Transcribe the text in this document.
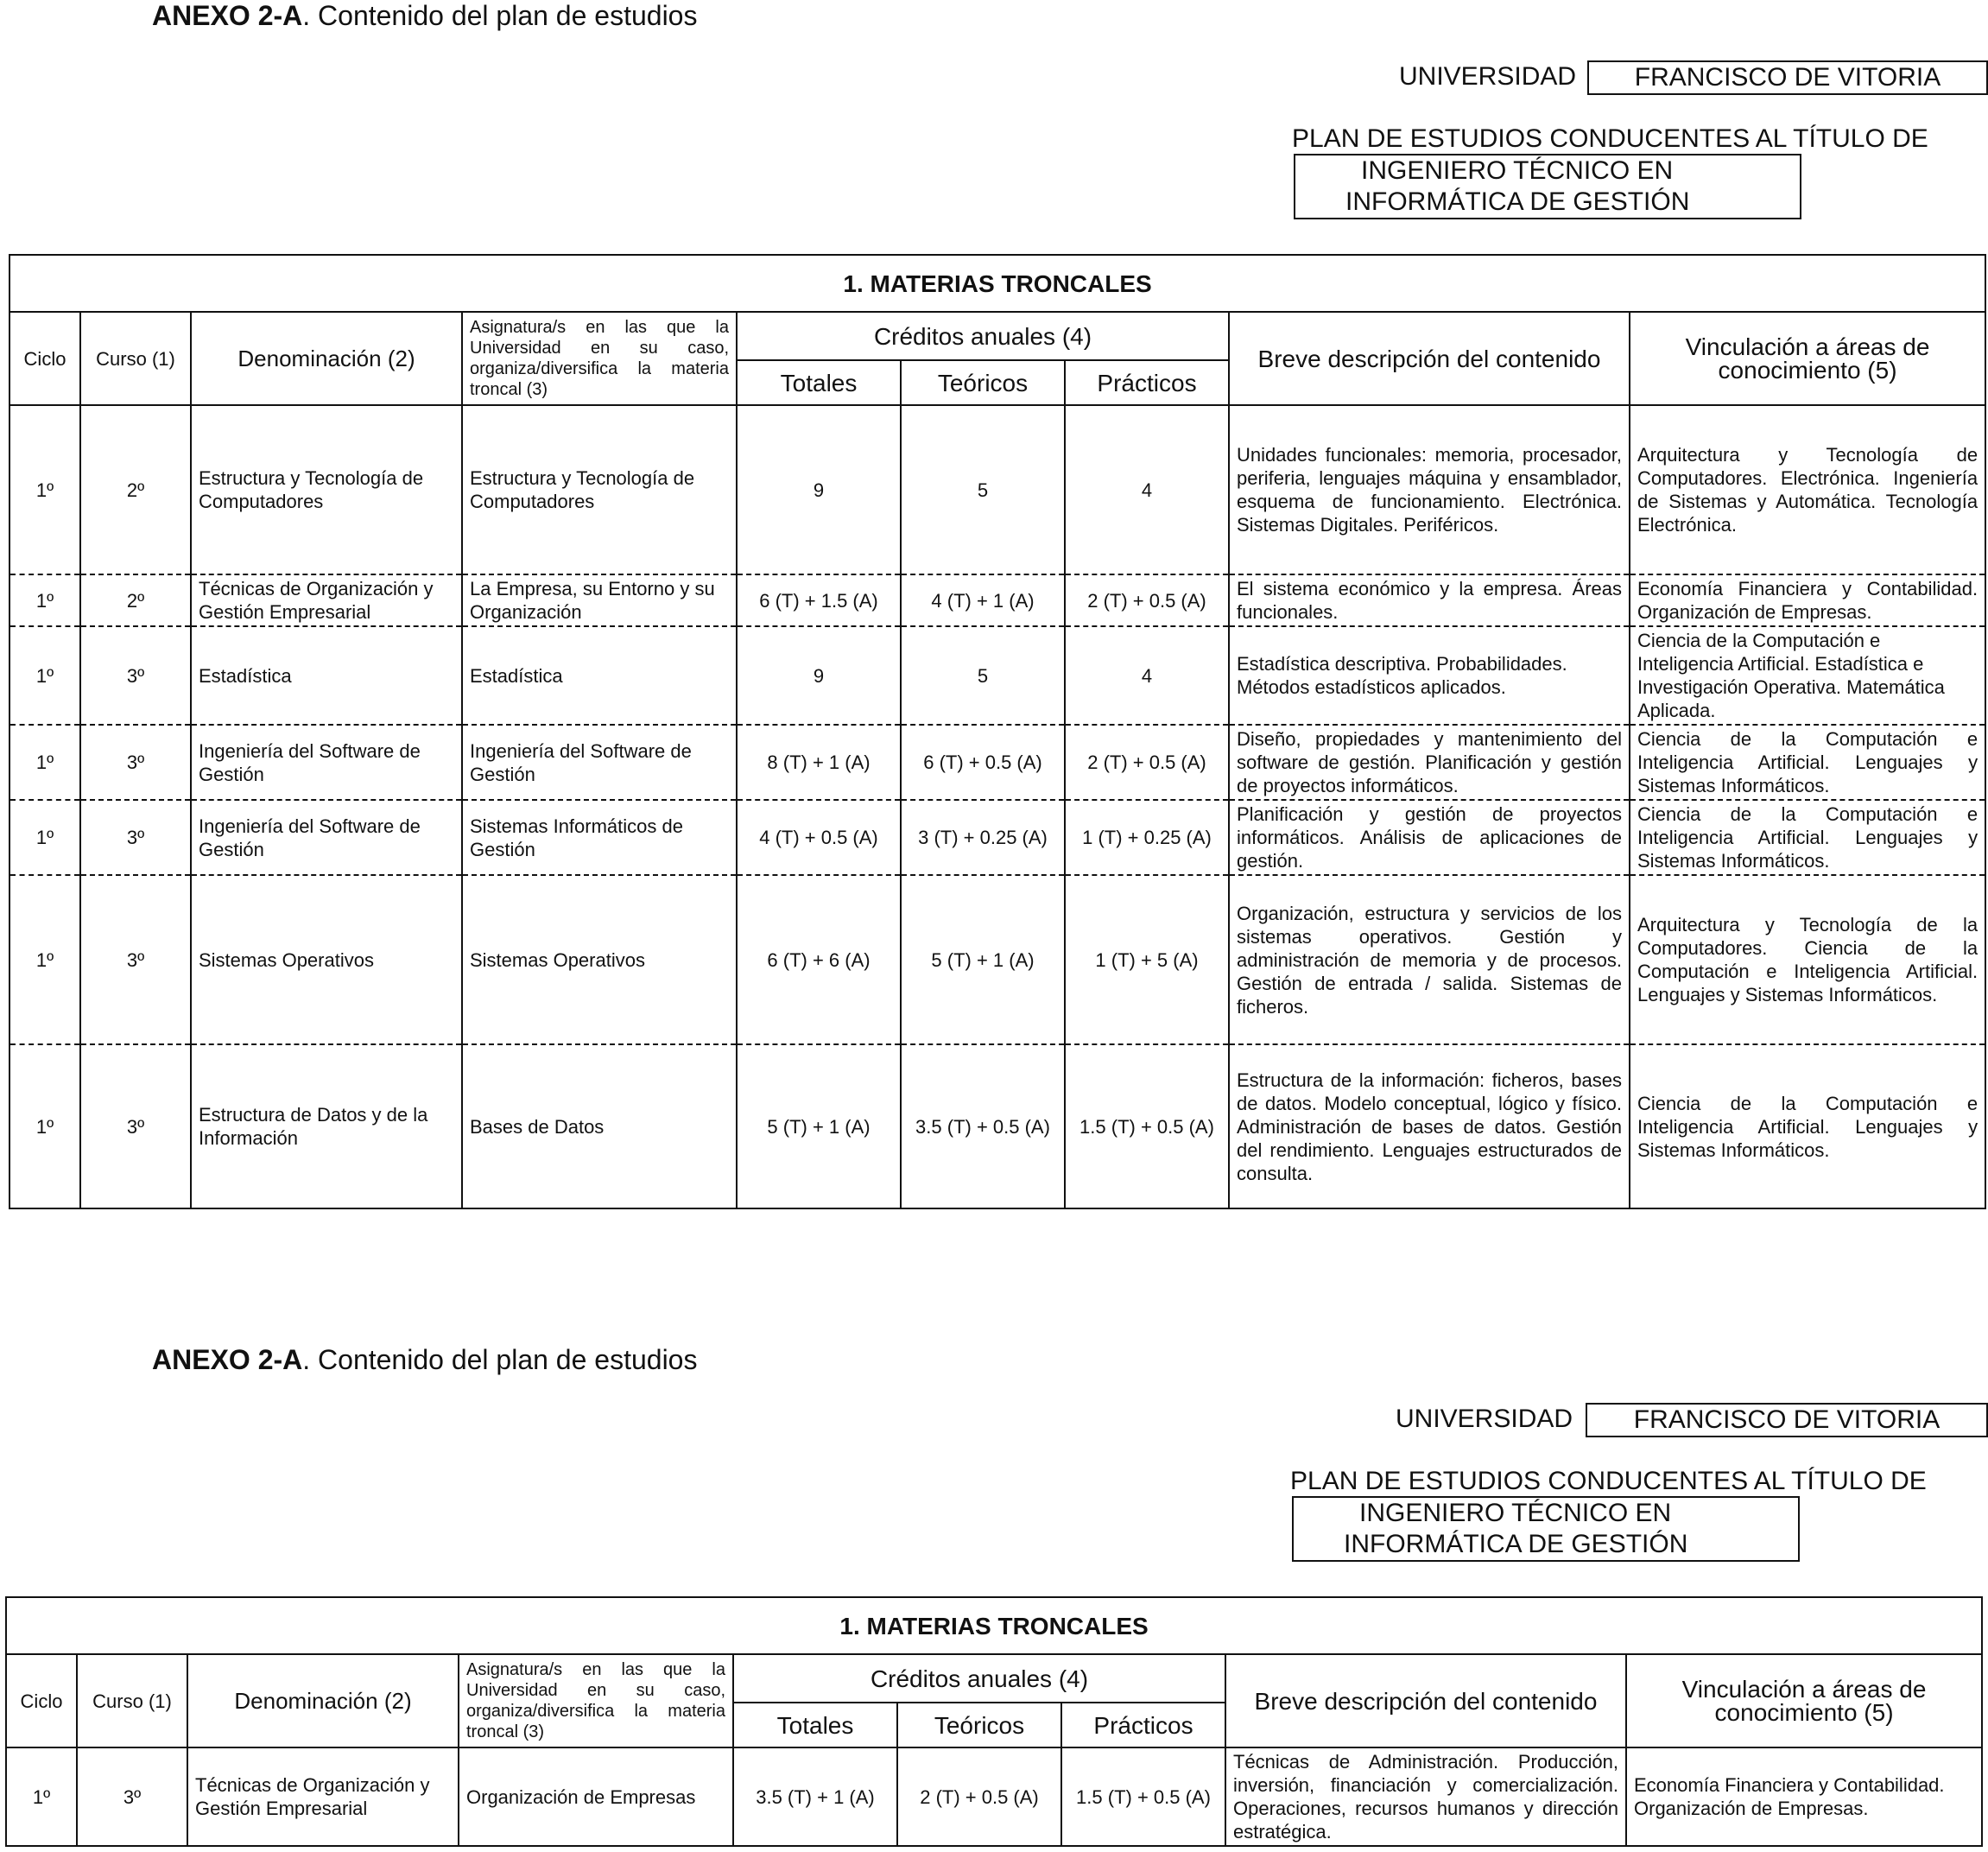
ANEXO 2-A. Contenido del plan de estudios
UNIVERSIDAD	FRANCISCO DE VITORIA
PLAN DE ESTUDIOS CONDUCENTES AL TÍTULO DE
INGENIERO TÉCNICO EN
INFORMÁTICA DE GESTIÓN
1. MATERIAS TRONCALES								
Ciclo	Curso (1)	Denominación (2)	Asignatura/s en las que la Universidad en su caso, organiza/diversifica la materia troncal (3)	Créditos anuales (4)			Breve descripción del contenido	Vinculación a áreas de conocimiento (5)
				Totales	Teóricos	Prácticos		
1º	2º	Estructura y Tecnología de Computadores	Estructura y Tecnología de Computadores	9	5	4	Unidades funcionales: memoria, procesador, periferia, lenguajes máquina y ensamblador, esquema de funcionamiento. Electrónica. Sistemas Digitales. Periféricos.	Arquitectura y Tecnología de Computadores. Electrónica. Ingeniería de Sistemas y Automática. Tecnología Electrónica.
1º	2º	Técnicas de Organización y Gestión Empresarial	La Empresa, su Entorno y su Organización	6 (T) + 1.5 (A)	4 (T) + 1 (A)	2 (T) + 0.5 (A)	El sistema económico y la empresa. Áreas funcionales.	Economía Financiera y Contabilidad. Organización de Empresas.
1º	3º	Estadística	Estadística	9	5	4	Estadística descriptiva. Probabilidades. Métodos estadísticos aplicados.	Ciencia de la Computación e Inteligencia Artificial. Estadística e Investigación Operativa. Matemática Aplicada.
1º	3º	Ingeniería del Software de Gestión	Ingeniería del Software de Gestión	8 (T) + 1 (A)	6 (T) + 0.5 (A)	2 (T) + 0.5 (A)	Diseño, propiedades y mantenimiento del software de gestión. Planificación y gestión de proyectos informáticos.	Ciencia de la Computación e Inteligencia Artificial. Lenguajes y Sistemas Informáticos.
1º	3º	Ingeniería del Software de Gestión	Sistemas Informáticos de Gestión	4 (T) + 0.5 (A)	3 (T) + 0.25 (A)	1 (T) + 0.25 (A)	Planificación y gestión de proyectos informáticos. Análisis de aplicaciones de gestión.	Ciencia de la Computación e Inteligencia Artificial. Lenguajes y Sistemas Informáticos.
1º	3º	Sistemas Operativos	Sistemas Operativos	6 (T) + 6 (A)	5 (T) + 1 (A)	1 (T) + 5 (A)	Organización, estructura y servicios de los sistemas operativos. Gestión y administración de memoria y de procesos. Gestión de entrada / salida. Sistemas de ficheros.	Arquitectura y Tecnología de la Computadores. Ciencia de la Computación e Inteligencia Artificial. Lenguajes y Sistemas Informáticos.
1º	3º	Estructura de Datos y de la Información	Bases de Datos	5 (T) + 1 (A)	3.5 (T) + 0.5 (A)	1.5 (T) + 0.5 (A)	Estructura de la información: ficheros, bases de datos. Modelo conceptual, lógico y físico. Administración de bases de datos. Gestión del rendimiento. Lenguajes estructurados de consulta.	Ciencia de la Computación e Inteligencia Artificial. Lenguajes y Sistemas Informáticos.
ANEXO 2-A. Contenido del plan de estudios
UNIVERSIDAD	FRANCISCO DE VITORIA
PLAN DE ESTUDIOS CONDUCENTES AL TÍTULO DE
INGENIERO TÉCNICO EN
INFORMÁTICA DE GESTIÓN
1. MATERIAS TRONCALES								
Ciclo	Curso (1)	Denominación (2)	Asignatura/s en las que la Universidad en su caso, organiza/diversifica la materia troncal (3)	Créditos anuales (4)			Breve descripción del contenido	Vinculación a áreas de conocimiento (5)
				Totales	Teóricos	Prácticos		
1º	3º	Técnicas de Organización y Gestión Empresarial	Organización de Empresas	3.5 (T) + 1 (A)	2 (T) + 0.5 (A)	1.5 (T) + 0.5 (A)	Técnicas de Administración. Producción, inversión, financiación y comercialización. Operaciones, recursos humanos y dirección estratégica.	Economía Financiera y Contabilidad. Organización de Empresas.
